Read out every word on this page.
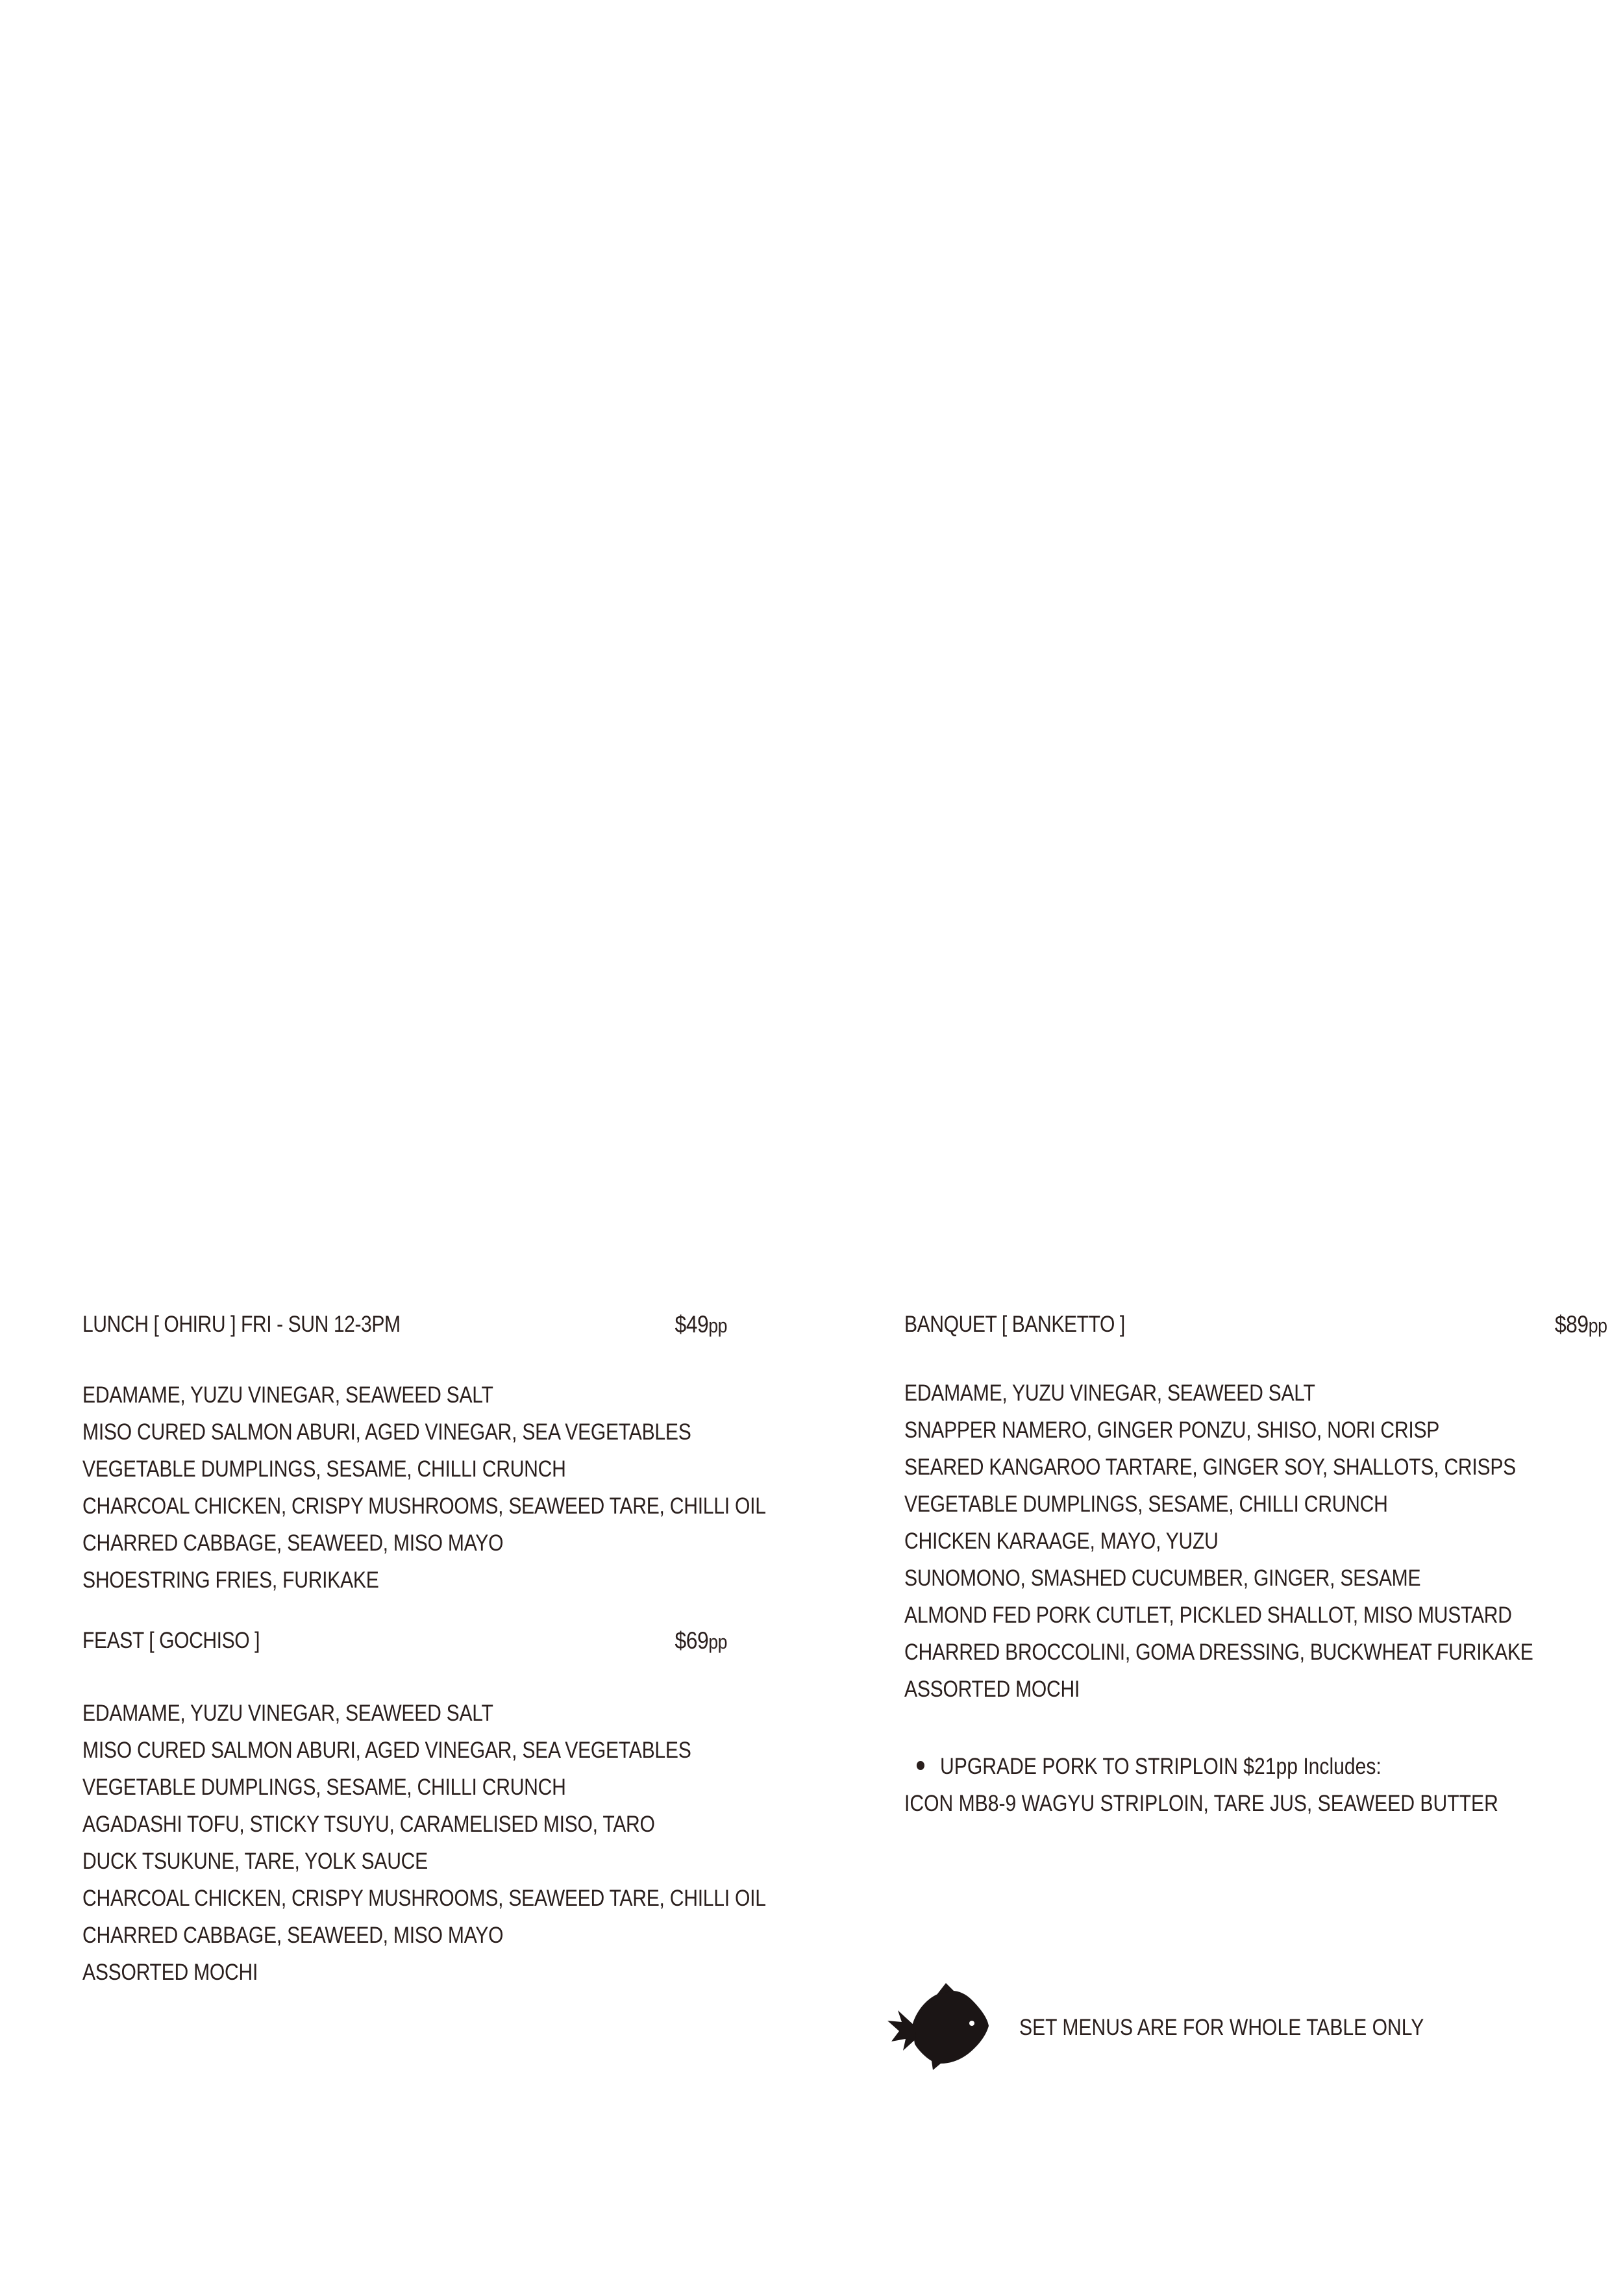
LUNCH [ OHIRU ] FRI - SUN 12-3PM	$49pp
EDAMAME, YUZU VINEGAR, SEAWEED SALT
MISO CURED SALMON ABURI, AGED VINEGAR, SEA VEGETABLES
VEGETABLE DUMPLINGS, SESAME, CHILLI CRUNCH
CHARCOAL CHICKEN, CRISPY MUSHROOMS, SEAWEED TARE, CHILLI OIL
CHARRED CABBAGE, SEAWEED, MISO MAYO
SHOESTRING FRIES, FURIKAKE
FEAST [ GOCHISO ]	$69pp
EDAMAME, YUZU VINEGAR, SEAWEED SALT
MISO CURED SALMON ABURI, AGED VINEGAR, SEA VEGETABLES
VEGETABLE DUMPLINGS, SESAME, CHILLI CRUNCH
AGADASHI TOFU, STICKY TSUYU, CARAMELISED MISO, TARO
DUCK TSUKUNE, TARE, YOLK SAUCE
CHARCOAL CHICKEN, CRISPY MUSHROOMS, SEAWEED TARE, CHILLI OIL
CHARRED CABBAGE, SEAWEED, MISO MAYO
ASSORTED MOCHI
BANQUET [ BANKETTO ]	$89pp
EDAMAME, YUZU VINEGAR, SEAWEED SALT
SNAPPER NAMERO, GINGER PONZU, SHISO, NORI CRISP
SEARED KANGAROO TARTARE, GINGER SOY, SHALLOTS, CRISPS
VEGETABLE DUMPLINGS, SESAME, CHILLI CRUNCH
CHICKEN KARAAGE, MAYO, YUZU
SUNOMONO, SMASHED CUCUMBER, GINGER, SESAME
ALMOND FED PORK CUTLET, PICKLED SHALLOT, MISO MUSTARD
CHARRED BROCCOLINI, GOMA DRESSING, BUCKWHEAT FURIKAKE
ASSORTED MOCHI
UPGRADE PORK TO STRIPLOIN $21pp Includes:
ICON MB8-9 WAGYU STRIPLOIN, TARE JUS, SEAWEED BUTTER
SET MENUS ARE FOR WHOLE TABLE ONLY
